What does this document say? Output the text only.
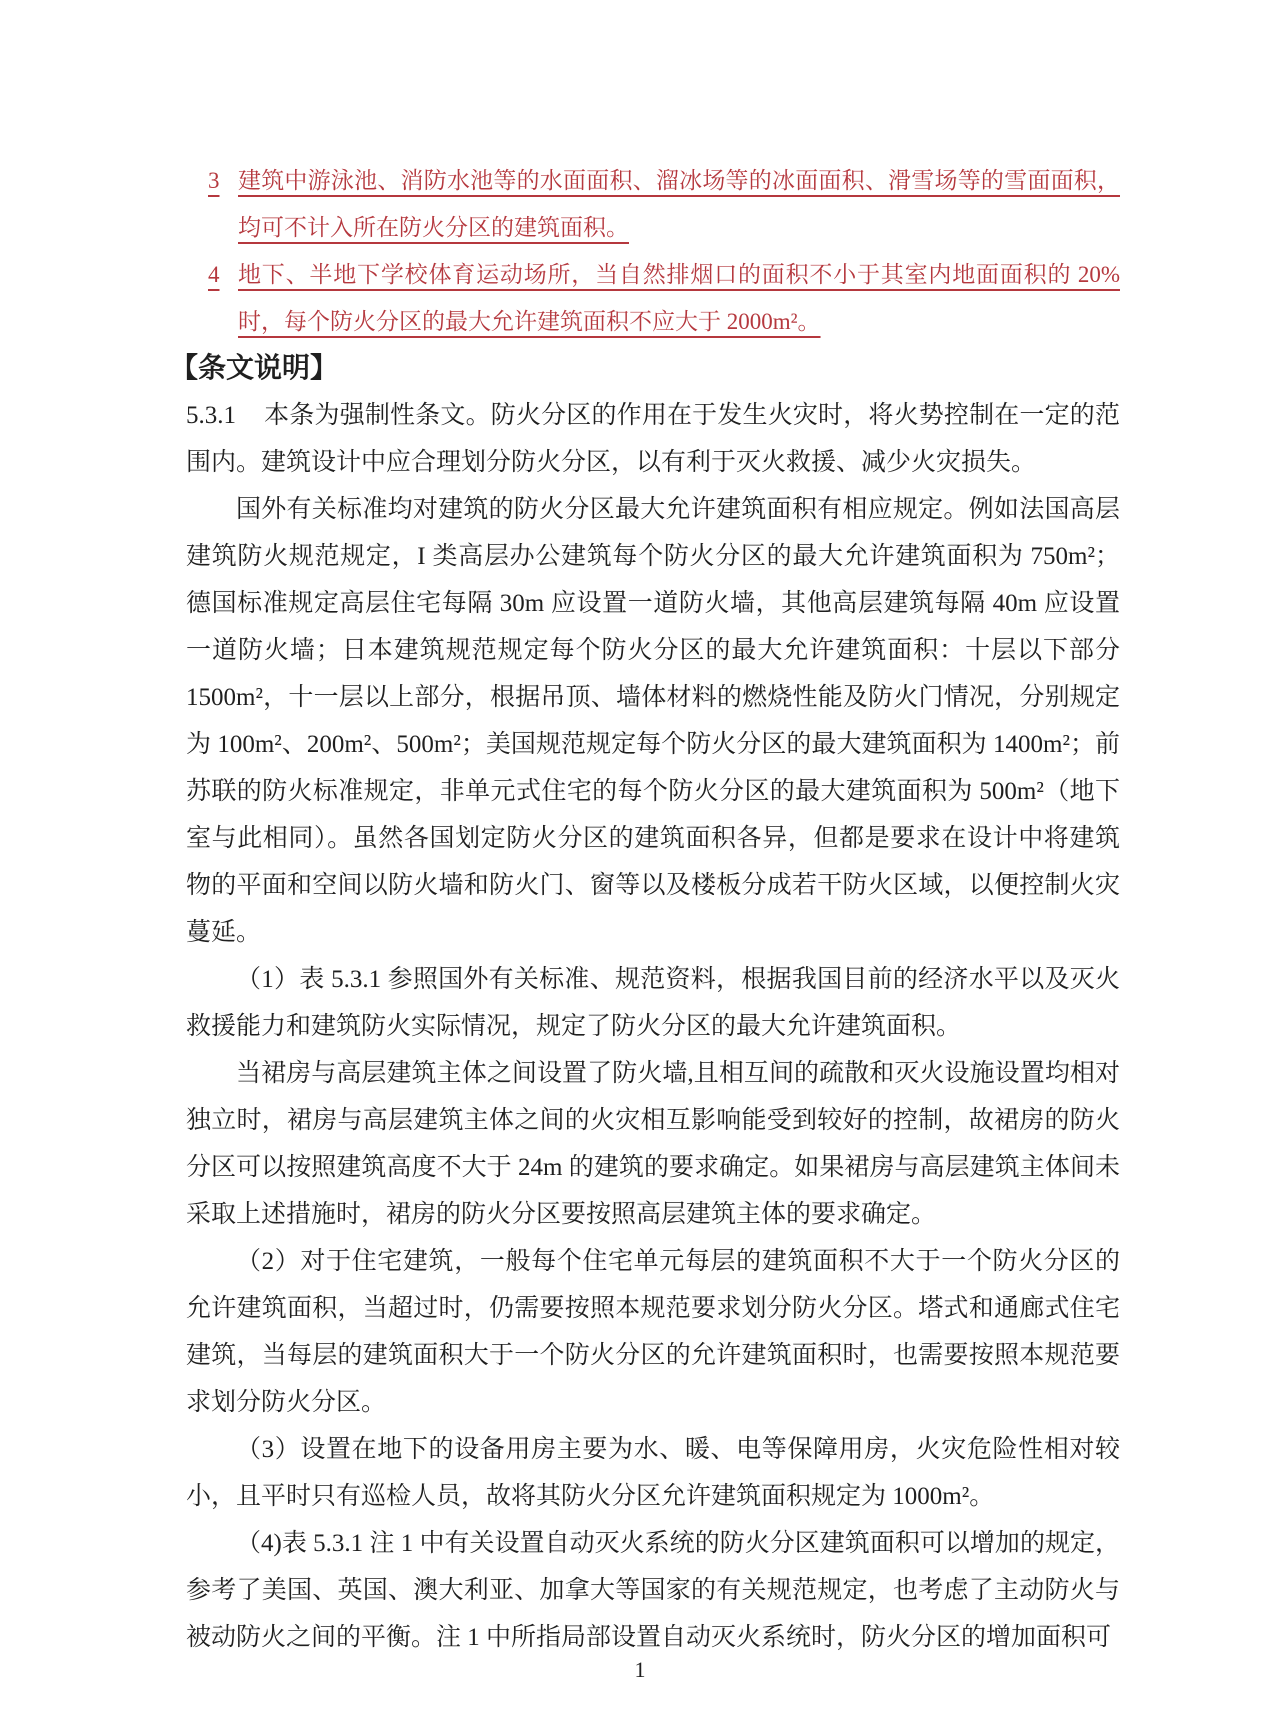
3 建筑中游泳池、消防水池等的水面面积、溜冰场等的冰面面积、滑雪场等的雪面面积，均可不计入所在防火分区的建筑面积。
4 地下、半地下学校体育运动场所，当自然排烟口的面积不小于其室内地面面积的 20%时，每个防火分区的最大允许建筑面积不应大于 2000m²。
【条文说明】

5.3.1 本条为强制性条文。防火分区的作用在于发生火灾时，将火势控制在一定的范围内。建筑设计中应合理划分防火分区，以有利于灭火救援、减少火灾损失。

国外有关标准均对建筑的防火分区最大允许建筑面积有相应规定。例如法国高层建筑防火规范规定，I 类高层办公建筑每个防火分区的最大允许建筑面积为 750m²；德国标准规定高层住宅每隔 30m 应设置一道防火墙，其他高层建筑每隔 40m 应设置一道防火墙；日本建筑规范规定每个防火分区的最大允许建筑面积：十层以下部分 1500m²，十一层以上部分，根据吊顶、墙体材料的燃烧性能及防火门情况，分别规定为 100m²、200m²、500m²；美国规范规定每个防火分区的最大建筑面积为 1400m²；前苏联的防火标准规定，非单元式住宅的每个防火分区的最大建筑面积为 500m²（地下室与此相同）。虽然各国划定防火分区的建筑面积各异，但都是要求在设计中将建筑物的平面和空间以防火墙和防火门、窗等以及楼板分成若干防火区域，以便控制火灾蔓延。

（1）表 5.3.1 参照国外有关标准、规范资料，根据我国目前的经济水平以及灭火救援能力和建筑防火实际情况，规定了防火分区的最大允许建筑面积。

当裙房与高层建筑主体之间设置了防火墙,且相互间的疏散和灭火设施设置均相对独立时，裙房与高层建筑主体之间的火灾相互影响能受到较好的控制，故裙房的防火分区可以按照建筑高度不大于 24m 的建筑的要求确定。如果裙房与高层建筑主体间未采取上述措施时，裙房的防火分区要按照高层建筑主体的要求确定。

（2）对于住宅建筑，一般每个住宅单元每层的建筑面积不大于一个防火分区的允许建筑面积，当超过时，仍需要按照本规范要求划分防火分区。塔式和通廊式住宅建筑，当每层的建筑面积大于一个防火分区的允许建筑面积时，也需要按照本规范要求划分防火分区。

（3）设置在地下的设备用房主要为水、暖、电等保障用房，火灾危险性相对较小，且平时只有巡检人员，故将其防火分区允许建筑面积规定为 1000m²。

（4)表 5.3.1 注 1 中有关设置自动灭火系统的防火分区建筑面积可以增加的规定，参考了美国、英国、澳大利亚、加拿大等国家的有关规范规定，也考虑了主动防火与被动防火之间的平衡。注 1 中所指局部设置自动灭火系统时，防火分区的增加面积可

1
